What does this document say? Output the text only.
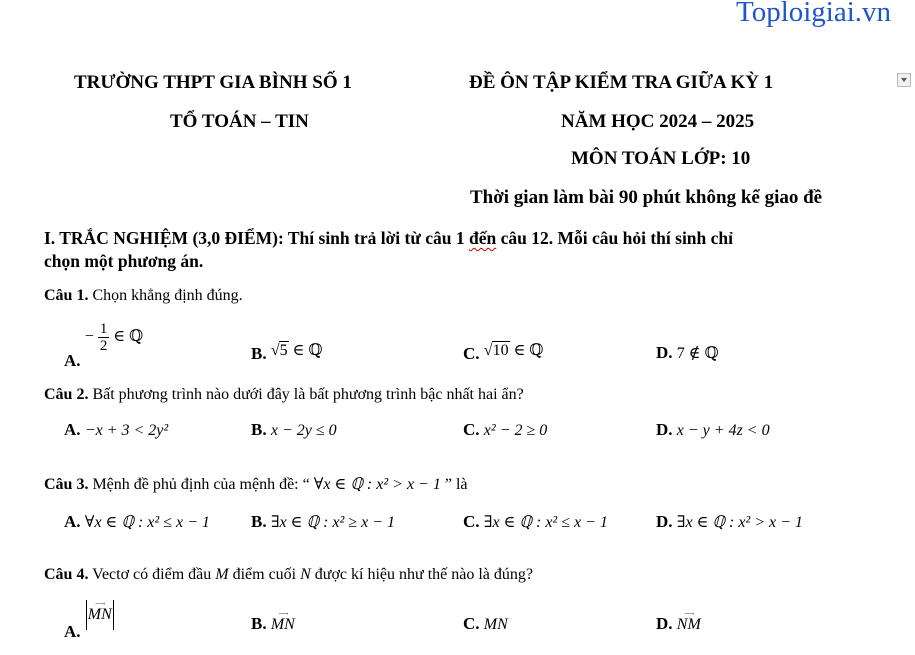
Toploigiai.vn
TRƯỜNG THPT GIA BÌNH SỐ 1
TỔ TOÁN – TIN
ĐỀ ÔN TẬP KIỂM TRA GIỮA KỲ 1
NĂM HỌC 2024 – 2025
MÔN TOÁN LỚP: 10
Thời gian làm bài 90 phút không kể giao đề
I. TRẮC NGHIỆM (3,0 ĐIỂM): Thí sinh trả lời từ câu 1 đến câu 12. Mỗi câu hỏi thí sinh chỉ
chọn một phương án.
Câu 1. Chọn khẳng định đúng.
A. − $\frac{1}{2}$ ∈ ℚ
B. √5 ∈ ℚ	C. √10 ∈ ℚ	D. 7 ∉ ℚ
Câu 2. Bất phương trình nào dưới đây là bất phương trình bậc nhất hai ẩn?
A. −x + 3 < 2y²	B. x − 2y ≤ 0	C. x² − 2 ≥ 0	D. x − y + 4z < 0
Câu 3. Mệnh đề phủ định của mệnh đề: “ ∀x ∈ ℚ : x² > x − 1 ” là
A. ∀x ∈ ℚ : x² ≤ x − 1 B. ∃x ∈ ℚ : x² ≥ x − 1	C. ∃x ∈ ℚ : x² ≤ x − 1	D. ∃x ∈ ℚ : x² > x − 1
Câu 4. Vectơ có điểm đầu M điểm cuối N được kí hiệu như thế nào là đúng?
A.
⟶
MN	B.	⟶
MN	C. MN	D.	⟶
NM
